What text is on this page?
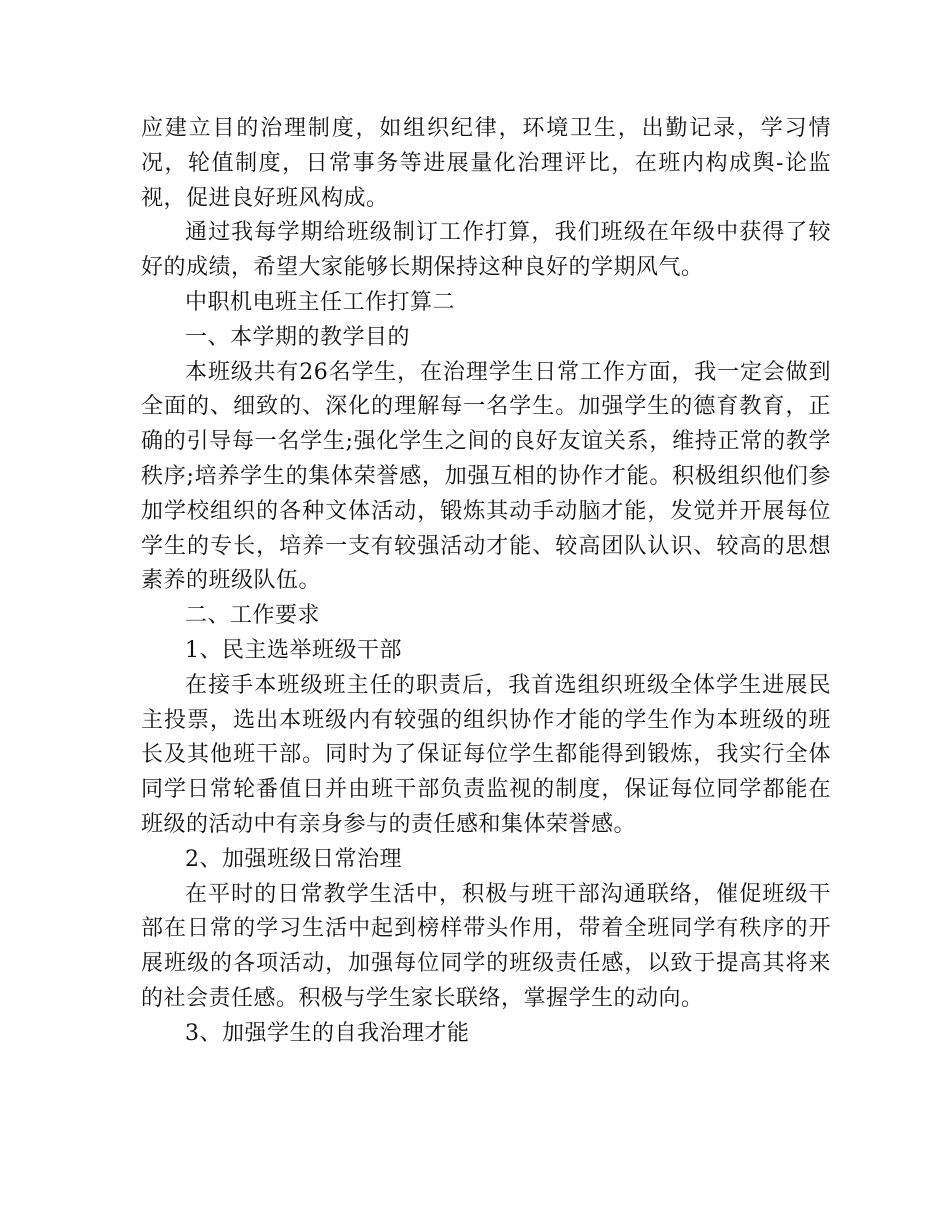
应建立目的治理制度，如组织纪律，环境卫生，出勤记录，学习情况，轮值制度，日常事务等进展量化治理评比，在班内构成舆-论监视，促进良好班风构成。

通过我每学期给班级制订工作打算，我们班级在年级中获得了较好的成绩，希望大家能够长期保持这种良好的学期风气。

中职机电班主任工作打算二

一、本学期的教学目的

本班级共有26名学生，在治理学生日常工作方面，我一定会做到全面的、细致的、深化的理解每一名学生。加强学生的德育教育，正确的引导每一名学生;强化学生之间的良好友谊关系，维持正常的教学秩序;培养学生的集体荣誉感，加强互相的协作才能。积极组织他们参加学校组织的各种文体活动，锻炼其动手动脑才能，发觉并开展每位学生的专长，培养一支有较强活动才能、较高团队认识、较高的思想素养的班级队伍。

二、工作要求

1、民主选举班级干部

在接手本班级班主任的职责后，我首选组织班级全体学生进展民主投票，选出本班级内有较强的组织协作才能的学生作为本班级的班长及其他班干部。同时为了保证每位学生都能得到锻炼，我实行全体同学日常轮番值日并由班干部负责监视的制度，保证每位同学都能在班级的活动中有亲身参与的责任感和集体荣誉感。

2、加强班级日常治理

在平时的日常教学生活中，积极与班干部沟通联络，催促班级干部在日常的学习生活中起到榜样带头作用，带着全班同学有秩序的开展班级的各项活动，加强每位同学的班级责任感，以致于提高其将来的社会责任感。积极与学生家长联络，掌握学生的动向。

3、加强学生的自我治理才能
